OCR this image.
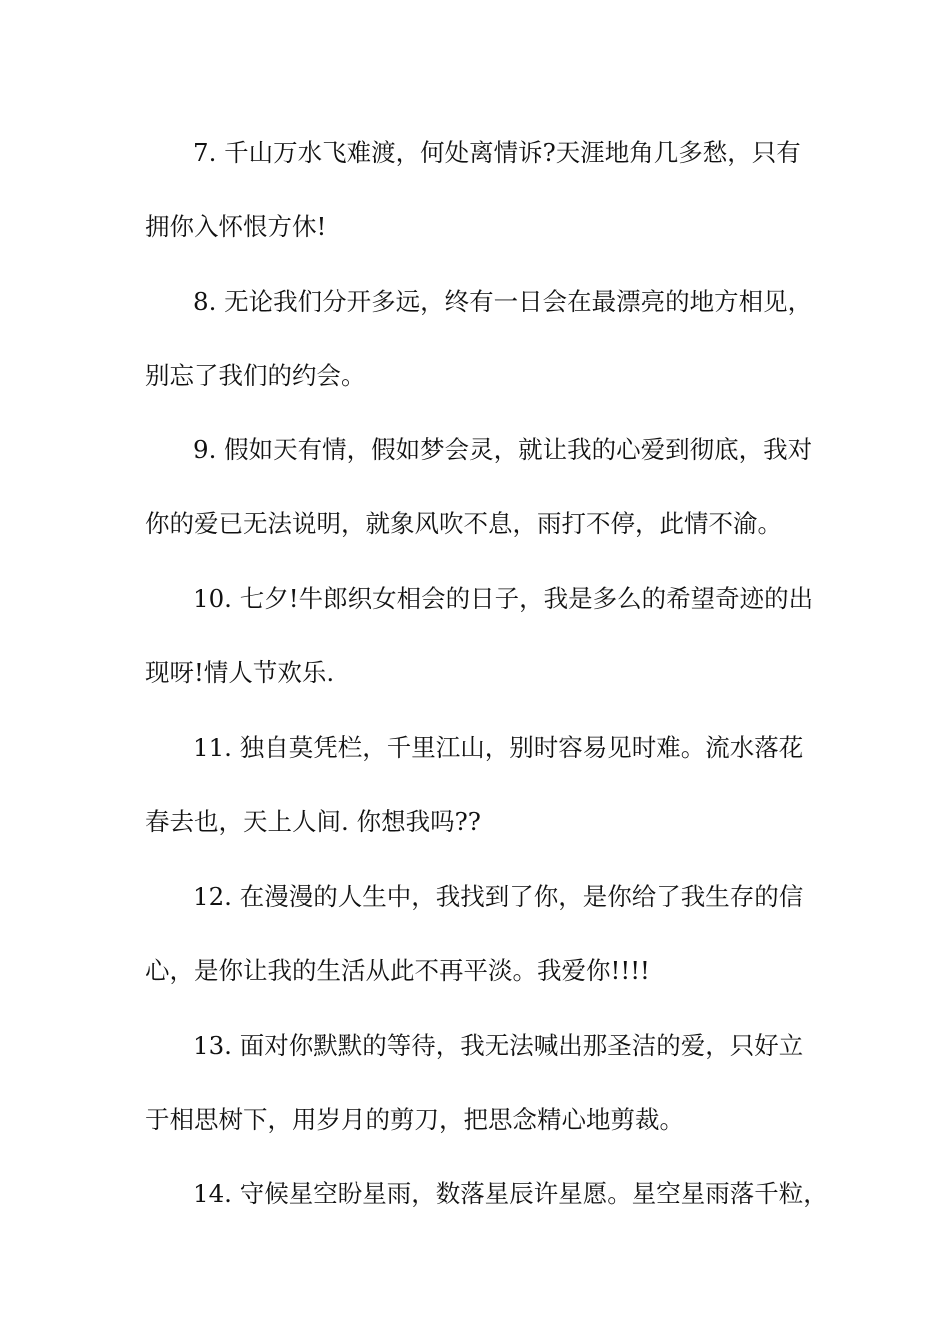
7. 千山万水飞难渡，何处离情诉?天涯地角几多愁，只有
拥你入怀恨方休!
8. 无论我们分开多远，终有一日会在最漂亮的地方相见，
别忘了我们的约会。
9. 假如天有情，假如梦会灵，就让我的心爱到彻底，我对
你的爱已无法说明，就象风吹不息，雨打不停，此情不渝。
10. 七夕!牛郎织女相会的日子，我是多么的希望奇迹的出
现呀!情人节欢乐.
11. 独自莫凭栏，千里江山，别时容易见时难。流水落花
春去也，天上人间. 你想我吗??
12. 在漫漫的人生中，我找到了你，是你给了我生存的信
心，是你让我的生活从此不再平淡。我爱你!!!!
13. 面对你默默的等待，我无法喊出那圣洁的爱，只好立
于相思树下，用岁月的剪刀，把思念精心地剪裁。
14. 守候星空盼星雨，数落星辰许星愿。星空星雨落千粒，
